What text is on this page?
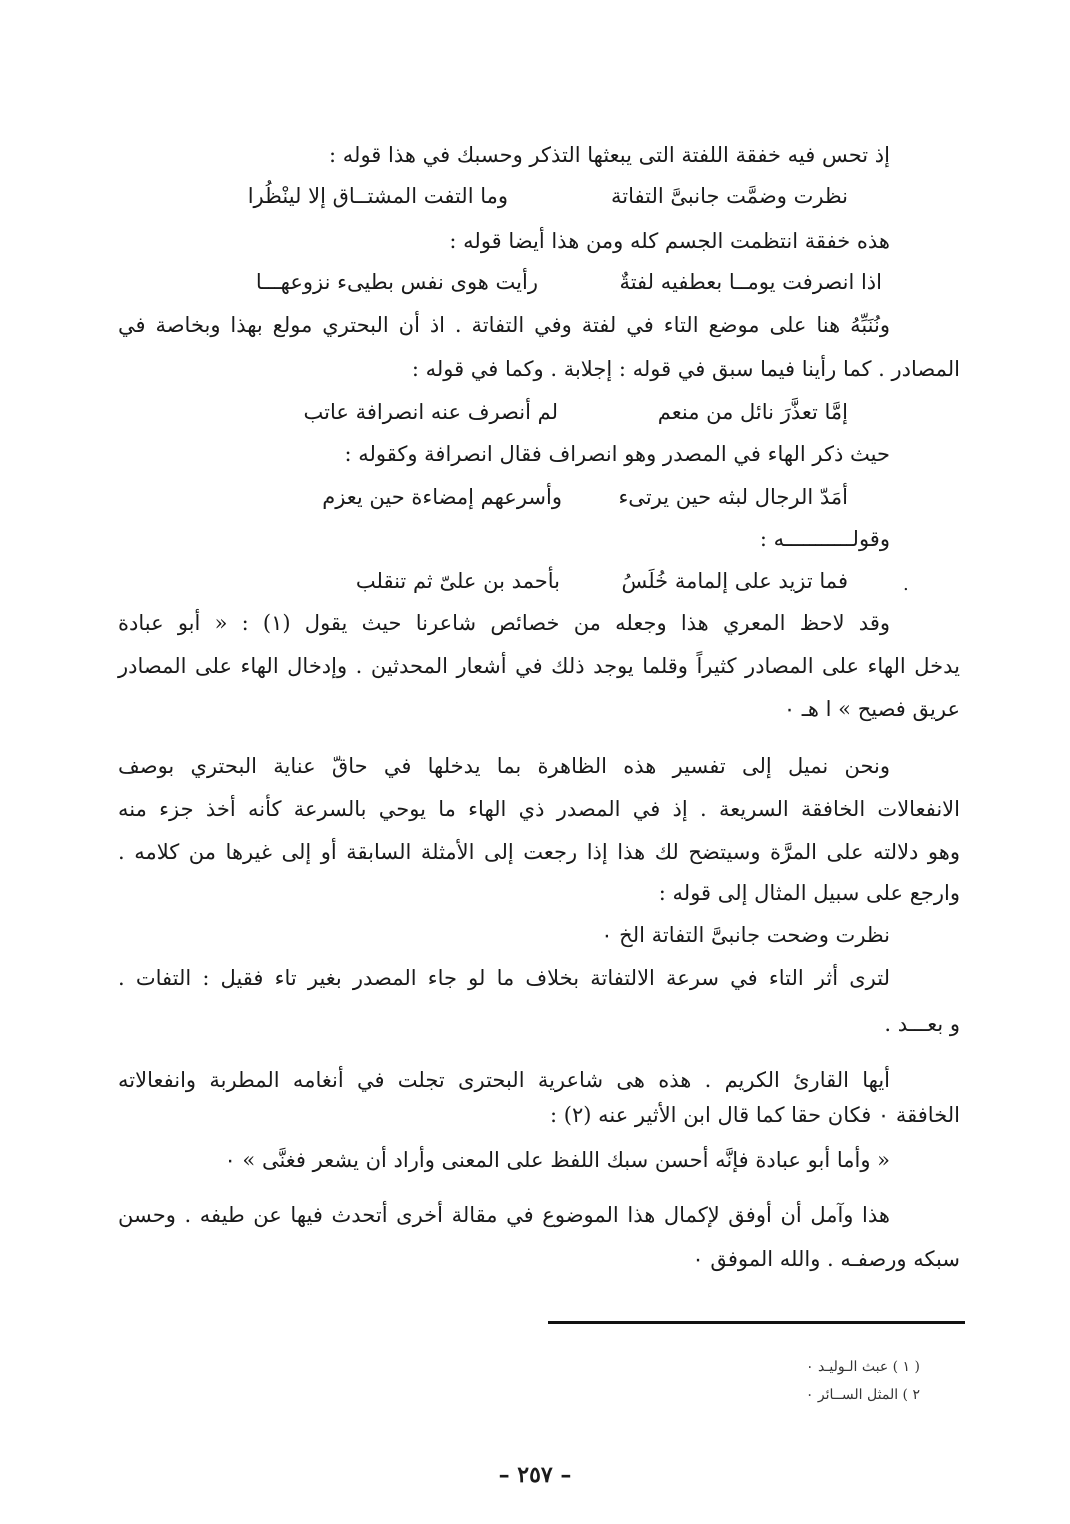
إذ تحس فيه خفقة اللفتة التى يبعثها التذكر وحسبك في هذا قوله :
نظرت وضمَّت جانبىَّ التفاتة
وما التفت المشتــاق إلا لينْظُرا
هذه خفقة انتظمت الجسم كله ومن هذا أيضا قوله :
اذا انصرفت يومــا بعطفيه لفتةٌ
رأيت هوى نفس بطيىء نزوعهـــا
ونُنَبِّهُ هنا على موضع التاء في لفتة وفي التفاتة . اذ أن البحتري مولع بهذا وبخاصة في
المصادر . كما رأينا فيما سبق في قوله : إجلابة . وكما في قوله :
إمَّا تعذَّرَ نائل من منعم
لم أنصرف عنه انصرافة عاتب
حيث ذكر الهاء في المصدر وهو انصراف فقال انصرافة وكقوله :
أمَدّ الرجال لبثه حين يرتىء
وأسرعهم إمضاءة حين يعزم
وقولـــــــــــه :
فما تزيد على إلمامة خُلَسُ
بأحمد بن علىّ ثم تنقلب	.
وقد لاحظ المعري هذا وجعله من خصائص شاعرنا حيث يقول (١) : « أبو عبادة
يدخل الهاء على المصادر كثيراً وقلما يوجد ذلك في أشعار المحدثين . وإدخال الهاء على المصادر
عريق فصيح » ا هـ ٠
ونحن نميل إلى تفسير هذه الظاهرة بما يدخلها في حاقّ عناية البحتري بوصف
الانفعالات الخافقة السريعة . إذ في المصدر ذي الهاء ما يوحي بالسرعة كأنه أخذ جزء منه
وهو دلالته على المرَّة وسيتضح لك هذا إذا رجعت إلى الأمثلة السابقة أو إلى غيرها من كلامه .
وارجع على سبيل المثال إلى قوله :
نظرت وضحت جانبىَّ التفاتة الخ ٠
لترى أثر التاء في سرعة الالتفاتة بخلاف ما لو جاء المصدر بغير تاء فقيل : التفات .
و بعـــد .
أيها القارئ الكريم . هذه هى شاعرية البحترى تجلت في أنغامه المطربة وانفعالاته
الخافقة ٠ فكان حقا كما قال ابن الأثير عنه (٢) :
« وأما أبو عبادة فإنَّه أحسن سبك اللفظ على المعنى وأراد أن يشعر فغنَّى » ٠
هذا وآمل أن أوفق لإكمال هذا الموضوع في مقالة أخرى أتحدث فيها عن طيفه . وحسن
سبكه ورصفـه . والله الموفق ٠
( ١ ) عبث الـوليـد ٠
٢ ) المثل الســائر ٠
– ٢٥٧ –
